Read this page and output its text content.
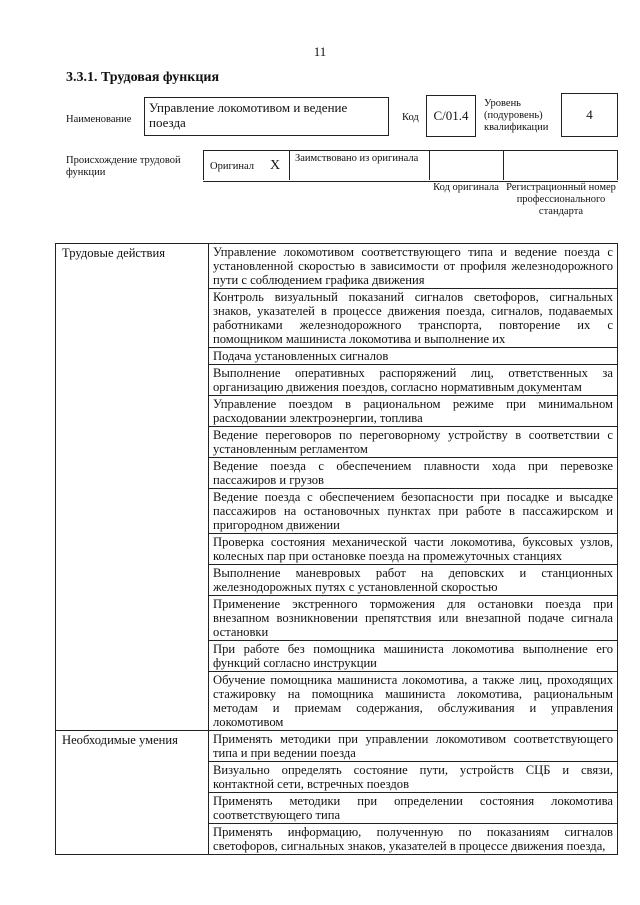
11
3.3.1. Трудовая функция
Наименование
Управление локомотивом и ведение поезда	Код C/01.4
Уровень (подуровень) квалификации
4
Происхождение трудовой функции
Оригинал X Заимствовано из оригинала
Код оригинала Регистрационный номер профессионального стандарта
Трудовые действия	Управление локомотивом соответствующего типа и ведение поезда с установленной скоростью в зависимости от профиля железнодорожного пути с соблюдением графика движения
	Контроль визуальный показаний сигналов светофоров, сигнальных знаков, указателей в процессе движения поезда, сигналов, подаваемых работниками железнодорожного транспорта, повторение их с помощником машиниста локомотива и выполнение их
	Подача установленных сигналов
	Выполнение оперативных распоряжений лиц, ответственных за организацию движения поездов, согласно нормативным документам
	Управление поездом в рациональном режиме при минимальном расходовании электроэнергии, топлива
	Ведение переговоров по переговорному устройству в соответствии с установленным регламентом
	Ведение поезда с обеспечением плавности хода при перевозке пассажиров и грузов
	Ведение поезда с обеспечением безопасности при посадке и высадке пассажиров на остановочных пунктах при работе в пассажирском и пригородном движении
	Проверка состояния механической части локомотива, буксовых узлов, колесных пар при остановке поезда на промежуточных станциях
	Выполнение маневровых работ на деповских и станционных железнодорожных путях с установленной скоростью
	Применение экстренного торможения для остановки поезда при внезапном возникновении препятствия или внезапной подаче сигнала остановки
	При работе без помощника машиниста локомотива выполнение его функций согласно инструкции
	Обучение помощника машиниста локомотива, а также лиц, проходящих стажировку на помощника машиниста локомотива, рациональным методам и приемам содержания, обслуживания и управления локомотивом
Необходимые умения	Применять методики при управлении локомотивом соответствующего типа и при ведении поезда
	Визуально определять состояние пути, устройств СЦБ и связи, контактной сети, встречных поездов
	Применять методики при определении состояния локомотива соответствующего типа
	Применять информацию, полученную по показаниям сигналов светофоров, сигнальных знаков, указателей в процессе движения поезда,
